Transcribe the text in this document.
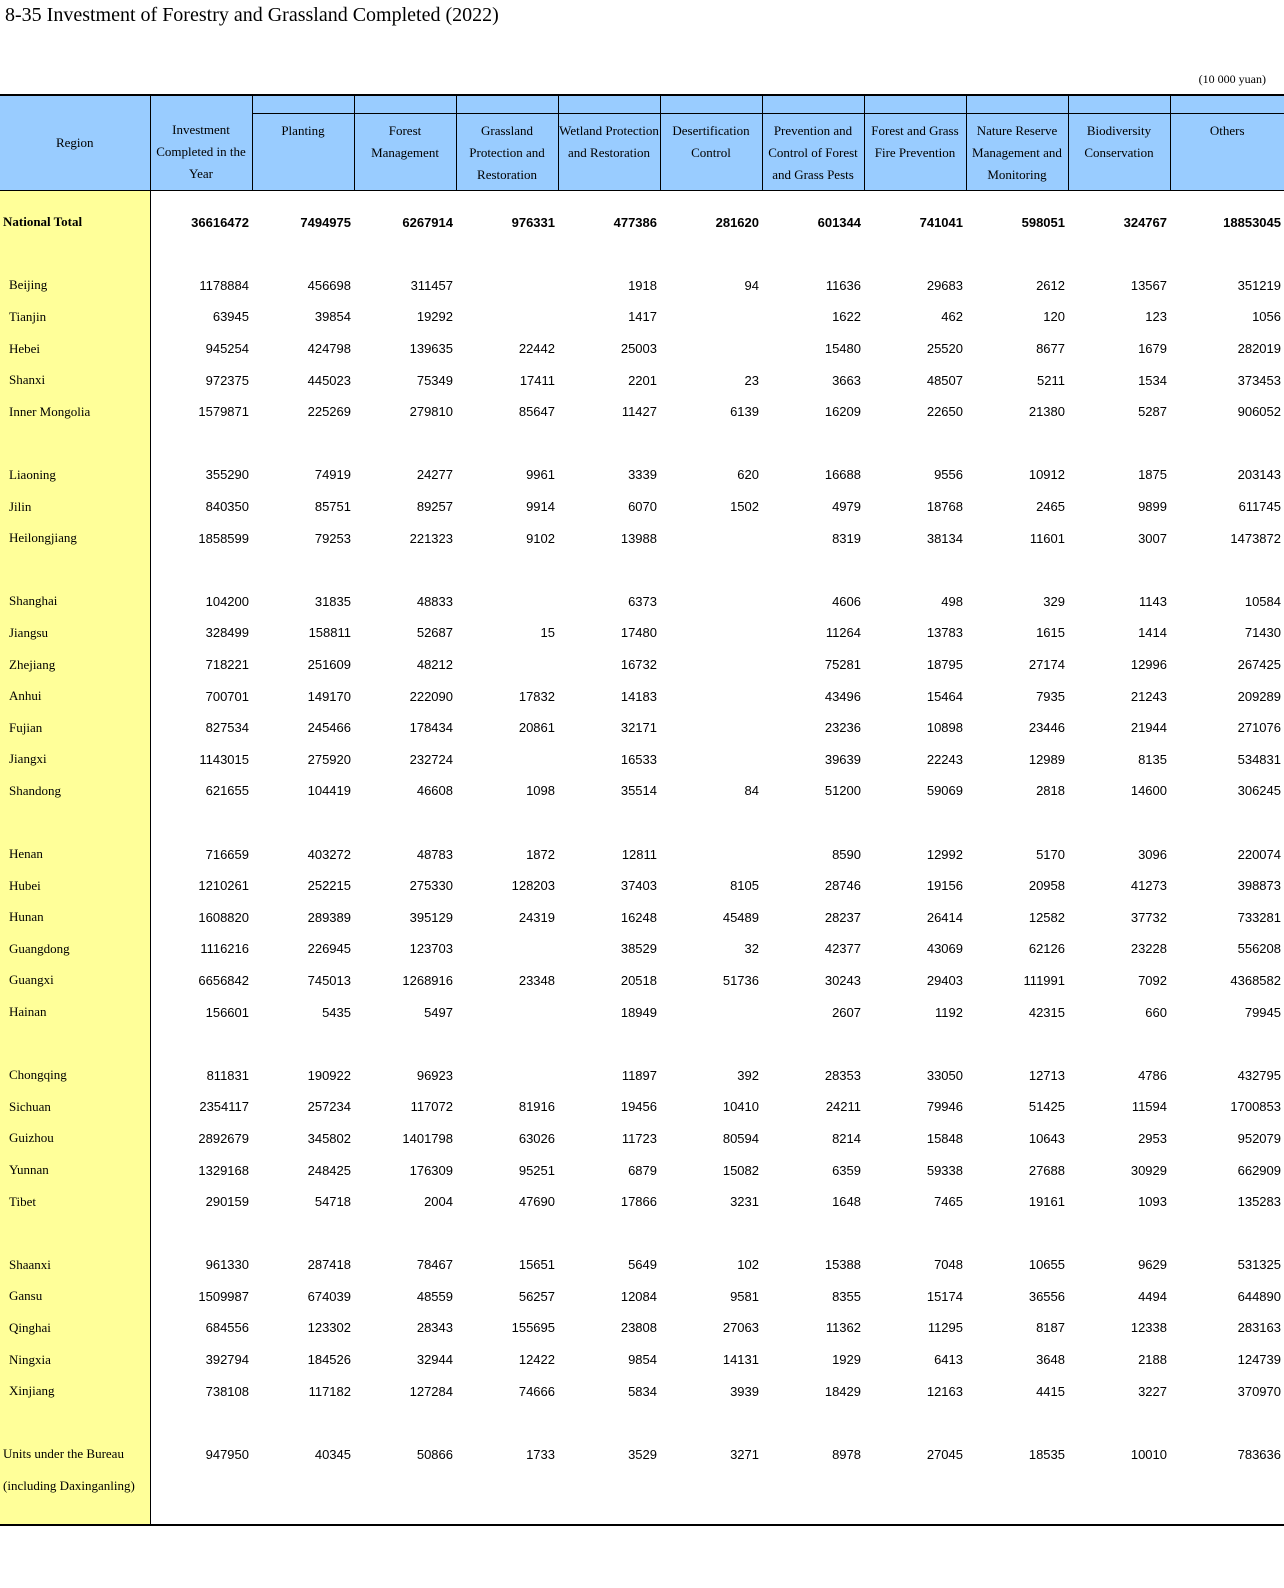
8-35 Investment of Forestry and Grassland Completed (2022)
(10 000 yuan)
Region	Investment Completed in the Year	Planting	Forest Management	Grassland Protection and Restoration	Wetland Protection and Restoration	Desertification Control	Prevention and Control of Forest and Grass Pests	Forest and Grass Fire Prevention	Nature Reserve Management and Monitoring	Biodiversity Conservation	Others

National Total	36616472	7494975	6267914	976331	477386	281620	601344	741041	598051	324767	18853045

Beijing	1178884	456698	311457		1918	94	11636	29683	2612	13567	351219
Tianjin	63945	39854	19292		1417		1622	462	120	123	1056
Hebei	945254	424798	139635	22442	25003		15480	25520	8677	1679	282019
Shanxi	972375	445023	75349	17411	2201	23	3663	48507	5211	1534	373453
Inner Mongolia	1579871	225269	279810	85647	11427	6139	16209	22650	21380	5287	906052

Liaoning	355290	74919	24277	9961	3339	620	16688	9556	10912	1875	203143
Jilin	840350	85751	89257	9914	6070	1502	4979	18768	2465	9899	611745
Heilongjiang	1858599	79253	221323	9102	13988		8319	38134	11601	3007	1473872

Shanghai	104200	31835	48833		6373		4606	498	329	1143	10584
Jiangsu	328499	158811	52687	15	17480		11264	13783	1615	1414	71430
Zhejiang	718221	251609	48212		16732		75281	18795	27174	12996	267425
Anhui	700701	149170	222090	17832	14183		43496	15464	7935	21243	209289
Fujian	827534	245466	178434	20861	32171		23236	10898	23446	21944	271076
Jiangxi	1143015	275920	232724		16533		39639	22243	12989	8135	534831
Shandong	621655	104419	46608	1098	35514	84	51200	59069	2818	14600	306245

Henan	716659	403272	48783	1872	12811		8590	12992	5170	3096	220074
Hubei	1210261	252215	275330	128203	37403	8105	28746	19156	20958	41273	398873
Hunan	1608820	289389	395129	24319	16248	45489	28237	26414	12582	37732	733281
Guangdong	1116216	226945	123703		38529	32	42377	43069	62126	23228	556208
Guangxi	6656842	745013	1268916	23348	20518	51736	30243	29403	111991	7092	4368582
Hainan	156601	5435	5497		18949		2607	1192	42315	660	79945

Chongqing	811831	190922	96923		11897	392	28353	33050	12713	4786	432795
Sichuan	2354117	257234	117072	81916	19456	10410	24211	79946	51425	11594	1700853
Guizhou	2892679	345802	1401798	63026	11723	80594	8214	15848	10643	2953	952079
Yunnan	1329168	248425	176309	95251	6879	15082	6359	59338	27688	30929	662909
Tibet	290159	54718	2004	47690	17866	3231	1648	7465	19161	1093	135283

Shaanxi	961330	287418	78467	15651	5649	102	15388	7048	10655	9629	531325
Gansu	1509987	674039	48559	56257	12084	9581	8355	15174	36556	4494	644890
Qinghai	684556	123302	28343	155695	23808	27063	11362	11295	8187	12338	283163
Ningxia	392794	184526	32944	12422	9854	14131	1929	6413	3648	2188	124739
Xinjiang	738108	117182	127284	74666	5834	3939	18429	12163	4415	3227	370970

Units under the Bureau	947950	40345	50866	1733	3529	3271	8978	27045	18535	10010	783636
(including Daxinganling)											
